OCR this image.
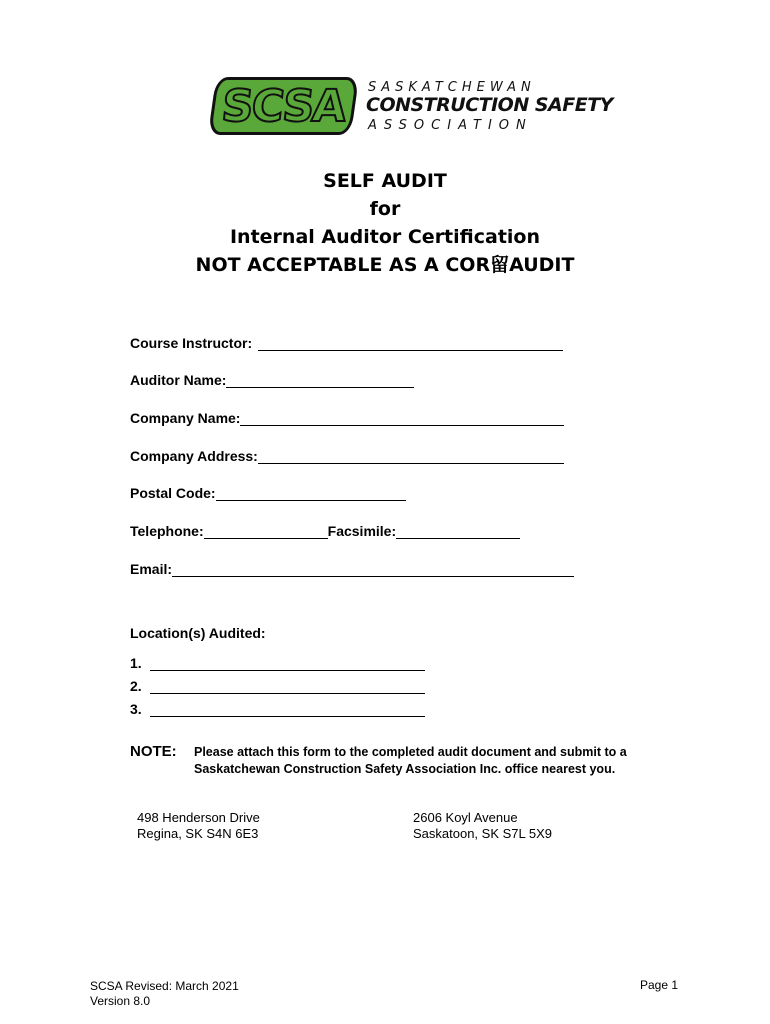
SCSA SASKATCHEWAN
CONSTRUCTION SAFETY
ASSOCIATION
SELF AUDIT
for
Internal Auditor Certification
NOT ACCEPTABLE AS A COR留AUDIT
Course Instructor:
Auditor Name:
Company Name:
Company Address:
Postal Code:
Telephone:	Facsimile:
Email:
Location(s) Audited:
1.
2.
3.
NOTE: Please attach this form to the completed audit document and submit to a Saskatchewan Construction Safety Association Inc. office nearest you.
498 Henderson Drive
Regina, SK S4N 6E3
2606 Koyl Avenue
Saskatoon, SK S7L 5X9
SCSA Revised: March 2021
Version 8.0
Page 1
